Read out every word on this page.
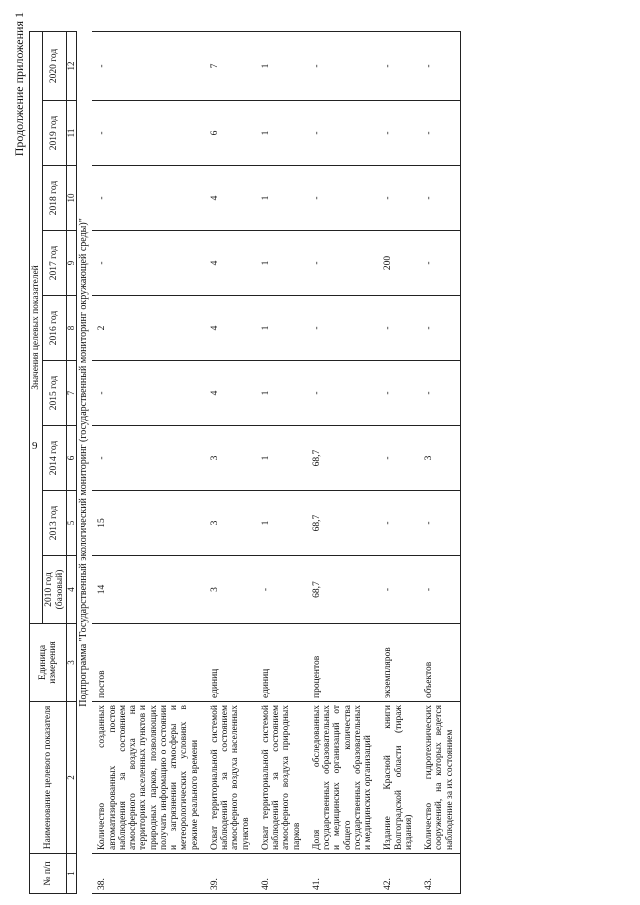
9
Продолжение приложения 1
№ п/п	Наименование целевого показателя	Единица измерения	Значения целевых показателей								
			2010 год (базовый)	2013 год	2014 год	2015 год	2016 год	2017 год	2018 год	2019 год	2020 год
1	2	3	4	5	6	7	8	9	10	11	12
Подпрограмма "Государственный экологический мониторинг (государственный мониторинг окружающей среды)"											
38.	Количество созданных автоматизированных постов наблюдения за состоянием атмосферного воздуха на территориях населенных пунктов и природных парков, позволяющих получать информацию о состоянии и загрязнении атмосферы и метеорологических условиях в режиме реального времени	постов	14	15	-	-	2	-	-	-	-
39.	Охват территориальной системой наблюдений за состоянием атмосферного воздуха населенных пунктов	единиц	3	3	3	4	4	4	4	6	7
40.	Охват территориальной системой наблюдений за состоянием атмосферного воздуха природных парков	единиц	-	1	1	1	1	1	1	1	1
41.	Доля обследованных государственных образовательных и медицинских организаций от общего количества государственных образовательных и медицинских организаций	процентов	68,7	68,7	68,7	-	-	-	-	-	-
42.	Издание Красной книги Волгоградской области (тираж издания)	экземпляров	-	-	-	-	-	200	-	-	-
43.	Количество гидротехнических сооружений, на которых ведется наблюдение за их состоянием	объектов	-	-	3	-	-	-	-	-	-
